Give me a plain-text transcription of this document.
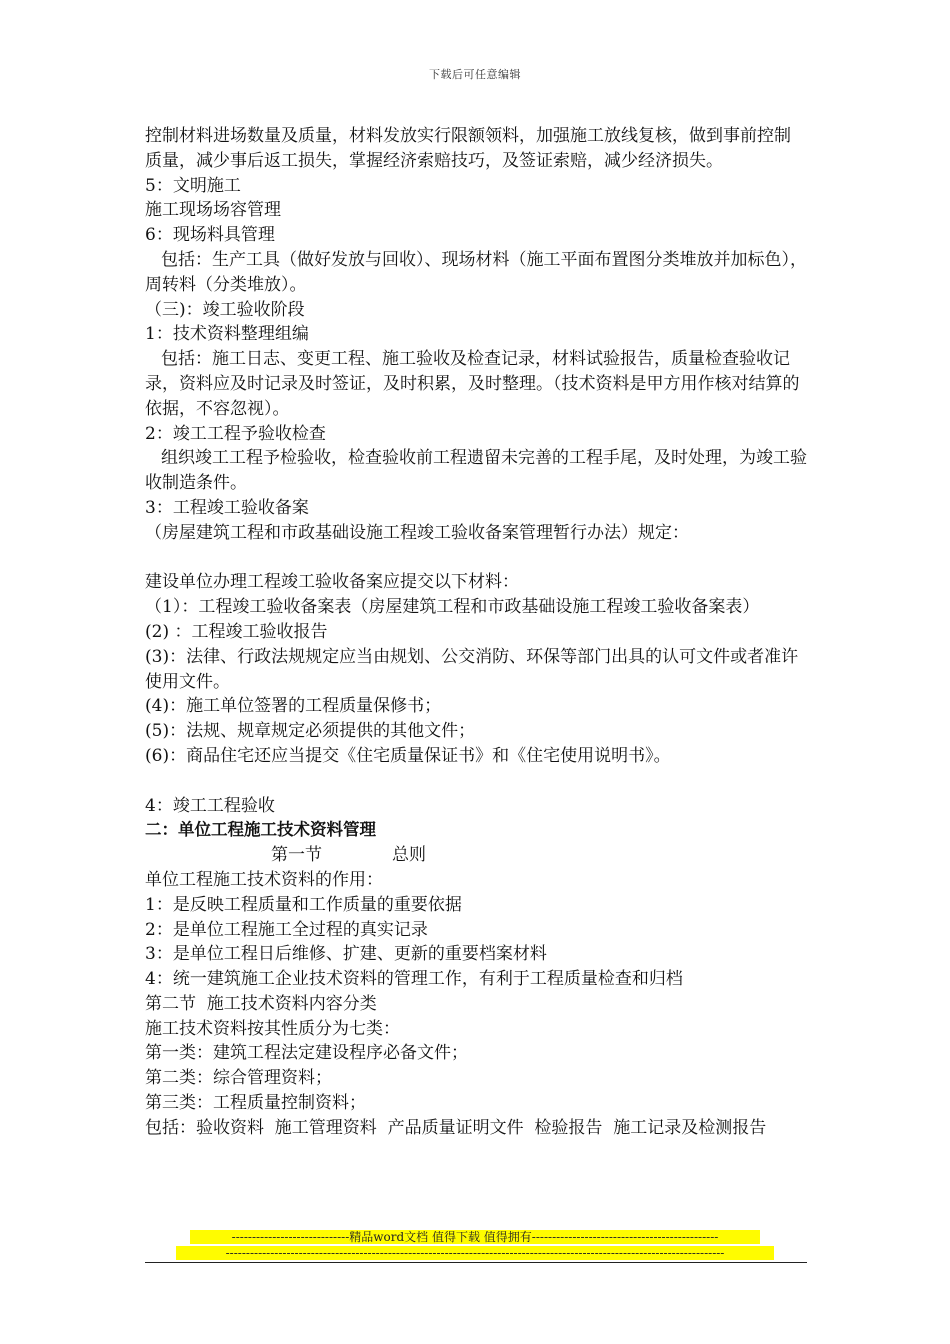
下载后可任意编辑

控制材料进场数量及质量，材料发放实行限额领料，加强施工放线复核，做到事前控制质量，减少事后返工损失，掌握经济索赔技巧，及签证索赔，减少经济损失。

5：文明施工

施工现场场容管理

6：现场料具管理

包括：生产工具（做好发放与回收）、现场材料（施工平面布置图分类堆放并加标色），周转料（分类堆放）。

（三)：竣工验收阶段

1：技术资料整理组编

包括：施工日志、变更工程、施工验收及检查记录，材料试验报告，质量检查验收记录，资料应及时记录及时签证，及时积累，及时整理。（技术资料是甲方用作核对结算的依据，不容忽视）。

2：竣工工程予验收检查

组织竣工工程予检验收，检查验收前工程遗留未完善的工程手尾，及时处理，为竣工验收制造条件。

3：工程竣工验收备案

（房屋建筑工程和市政基础设施工程竣工验收备案管理暂行办法）规定：

建设单位办理工程竣工验收备案应提交以下材料：

（1）：工程竣工验收备案表（房屋建筑工程和市政基础设施工程竣工验收备案表）

(2) ：工程竣工验收报告

(3)：法律、行政法规规定应当由规划、公交消防、环保等部门出具的认可文件或者准许使用文件。

(4)：施工单位签署的工程质量保修书；

(5)：法规、规章规定必须提供的其他文件；

(6)：商品住宅还应当提交《住宅质量保证书》和《住宅使用说明书》。

4：竣工工程验收

二：单位工程施工技术资料管理

第一节	总则

单位工程施工技术资料的作用：

1：是反映工程质量和工作质量的重要依据

2：是单位工程施工全过程的真实记录

3：是单位工程日后维修、扩建、更新的重要档案材料

4：统一建筑施工企业技术资料的管理工作，有利于工程质量检查和归档

第二节  施工技术资料内容分类

施工技术资料按其性质分为七类：

第一类：建筑工程法定建设程序必备文件；

第二类：综合管理资料；

第三类：工程质量控制资料；

包括：验收资料  施工管理资料  产品质量证明文件  检验报告  施工记录及检测报告

-----------------------------精品word文档 值得下载 值得拥有----------------------------------------------
---------------------------------------------------------------------------------------------------------------------------
